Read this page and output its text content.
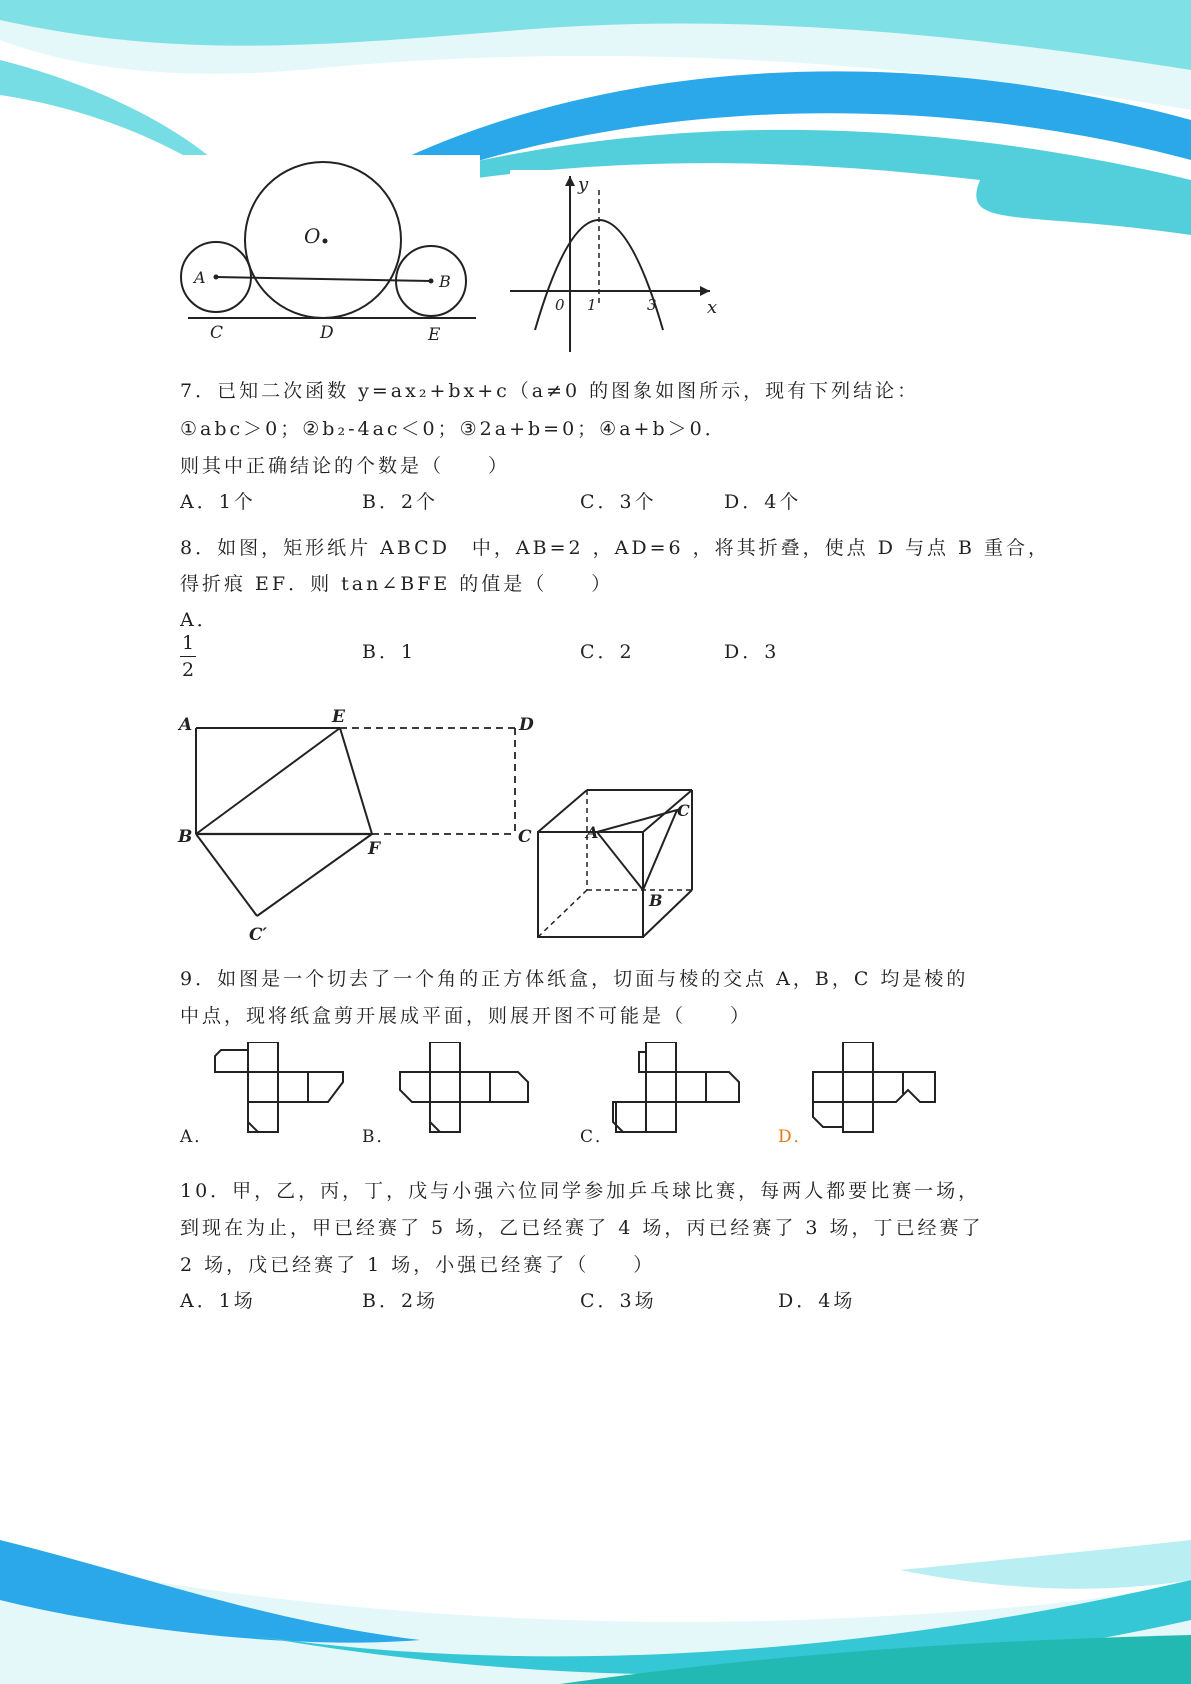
O
A	B
C	D	E
y
x
0 1	3
7．已知二次函数 y=ax₂+bx+c（a≠0 的图象如图所示，现有下列结论：
①abc＞0；②b₂-4ac＜0；③2a+b=0；④a+b＞0．
则其中正确结论的个数是（　　）
A．1个	B．2个	C．3个	D．4个
8．如图，矩形纸片 ABCD　中，AB=2 ，AD=6 ，将其折叠，使点 D 与点 B 重合，
得折痕 EF．则 tan∠BFE 的值是（　　）
A．
1
2
B．1	C．2	D．3
A	E	D
B
F
C
C′
A
B
C
9．如图是一个切去了一个角的正方体纸盒，切面与棱的交点 A，B，C 均是棱的
中点，现将纸盒剪开展成平面，则展开图不可能是（　　）
A．	B．	C．	D．
10．甲，乙，丙，丁，戊与小强六位同学参加乒乓球比赛，每两人都要比赛一场，
到现在为止，甲已经赛了 5 场，乙已经赛了 4 场，丙已经赛了 3 场，丁已经赛了
2 场，戊已经赛了 1 场，小强已经赛了（　　）
A．1场	B．2场	C．3场	D．4场
